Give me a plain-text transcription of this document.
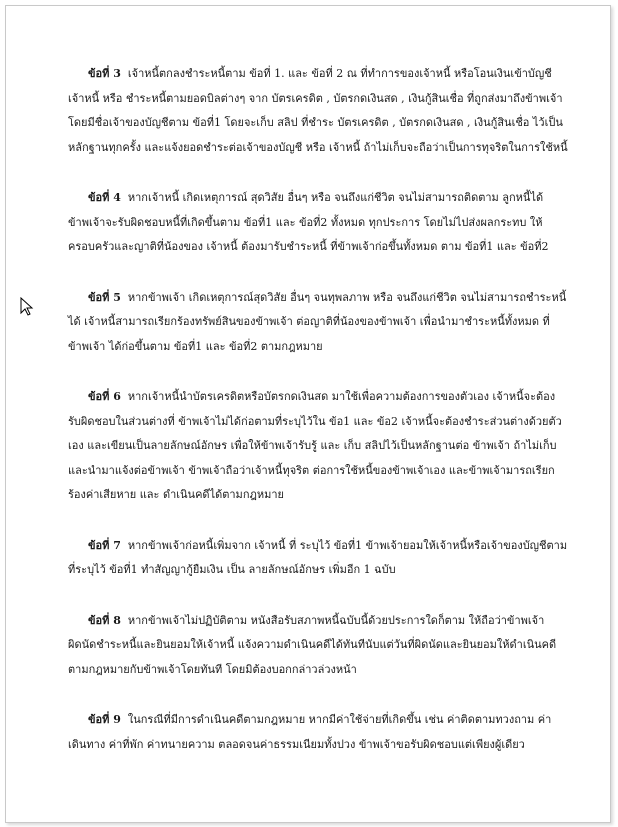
ข้อที่ 3 เจ้าหนี้ตกลงชำระหนี้ตาม ข้อที่ 1. และ ข้อที่ 2 ณ ที่ทำการของเจ้าหนี้ หรือโอนเงินเข้าบัญชี เจ้าหนี้ หรือ ชำระหนี้ตามยอดบิลต่างๆ จาก บัตรเครดิต , บัตรกดเงินสด , เงินกู้สินเชื่อ ที่ถูกส่งมาถึงข้าพเจ้า โดยมีชื่อเจ้าของบัญชีตาม ข้อที่1 โดยจะเก็บ สลิป ที่ชำระ บัตรเครดิต , บัตรกดเงินสด , เงินกู้สินเชื่อ ไว้เป็นหลักฐานทุกครั้ง และแจ้งยอดชำระต่อเจ้าของบัญชี หรือ เจ้าหนี้ ถ้าไม่เก็บจะถือว่าเป็นการทุจริตในการใช้หนี้

ข้อที่ 4 หากเจ้าหนี้ เกิดเหตุการณ์ สุดวิสัย อื่นๆ หรือ จนถึงแก่ชีวิต จนไม่สามารถติดตาม ลูกหนี้ได้ ข้าพเจ้าจะรับผิดชอบหนี้ที่เกิดขึ้นตาม ข้อที่1 และ ข้อที่2 ทั้งหมด ทุกประการ โดยไม่ไปส่งผลกระทบ ให้ครอบครัวและญาติที่น้องของ เจ้าหนี้ ต้องมารับชำระหนี้ ที่ข้าพเจ้าก่อขึ้นทั้งหมด ตาม ข้อที่1 และ ข้อที่2

ข้อที่ 5 หากข้าพเจ้า เกิดเหตุการณ์สุดวิสัย อื่นๆ จนทุพลภาพ หรือ จนถึงแก่ชีวิต จนไม่สามารถชำระหนี้ได้ เจ้าหนี้สามารถเรียกร้องทรัพย์สินของข้าพเจ้า ต่อญาติที่น้องของข้าพเจ้า เพื่อนำมาชำระหนี้ทั้งหมด ที่ข้าพเจ้า ได้ก่อขึ้นตาม ข้อที่1 และ ข้อที่2 ตามกฎหมาย

ข้อที่ 6 หากเจ้าหนี้นำบัตรเครดิตหรือบัตรกดเงินสด มาใช้เพื่อความต้องการของตัวเอง เจ้าหนี้จะต้องรับผิดชอบในส่วนต่างที่ ข้าพเจ้าไม่ได้ก่อตามที่ระบุไว้ใน ข้อ1 และ ข้อ2 เจ้าหนี้จะต้องชำระส่วนต่างด้วยตัวเอง และเขียนเป็นลายลักษณ์อักษร เพื่อให้ข้าพเจ้ารับรู้ และ เก็บ สลิปไว้เป็นหลักฐานต่อ ข้าพเจ้า ถ้าไม่เก็บและนำมาแจ้งต่อข้าพเจ้า ข้าพเจ้าถือว่าเจ้าหนี้ทุจริต ต่อการใช้หนี้ของข้าพเจ้าเอง และข้าพเจ้ามารถเรียกร้องค่าเสียหาย และ ดำเนินคดีได้ตามกฎหมาย

ข้อที่ 7 หากข้าพเจ้าก่อหนี้เพิ่มจาก เจ้าหนี้ ที่ ระบุไว้ ข้อที่1 ข้าพเจ้ายอมให้เจ้าหนี้หรือเจ้าของบัญชีตามที่ระบุไว้ ข้อที่1 ทำสัญญากู้ยืมเงิน เป็น ลายลักษณ์อักษร เพิ่มอีก 1 ฉบับ

ข้อที่ 8 หากข้าพเจ้าไม่ปฏิบัติตาม หนังสือรับสภาพหนี้ฉบับนี้ด้วยประการใดก็ตาม ให้ถือว่าข้าพเจ้าผิดนัดชำระหนี้และยินยอมให้เจ้าหนี้ แจ้งความดำเนินคดีได้ทันทีนับแต่วันที่ผิดนัดและยินยอมให้ดำเนินคดีตามกฎหมายกับข้าพเจ้าโดยทันที โดยมิต้องบอกกล่าวล่วงหน้า

ข้อที่ 9 ในกรณีที่มีการดำเนินคดีตามกฎหมาย หากมีค่าใช้จ่ายที่เกิดขึ้น เช่น ค่าติดตามทวงถาม ค่าเดินทาง ค่าที่พัก ค่าทนายความ ตลอดจนค่าธรรมเนียมทั้งปวง ข้าพเจ้าขอรับผิดชอบแต่เพียงผู้เดียว
